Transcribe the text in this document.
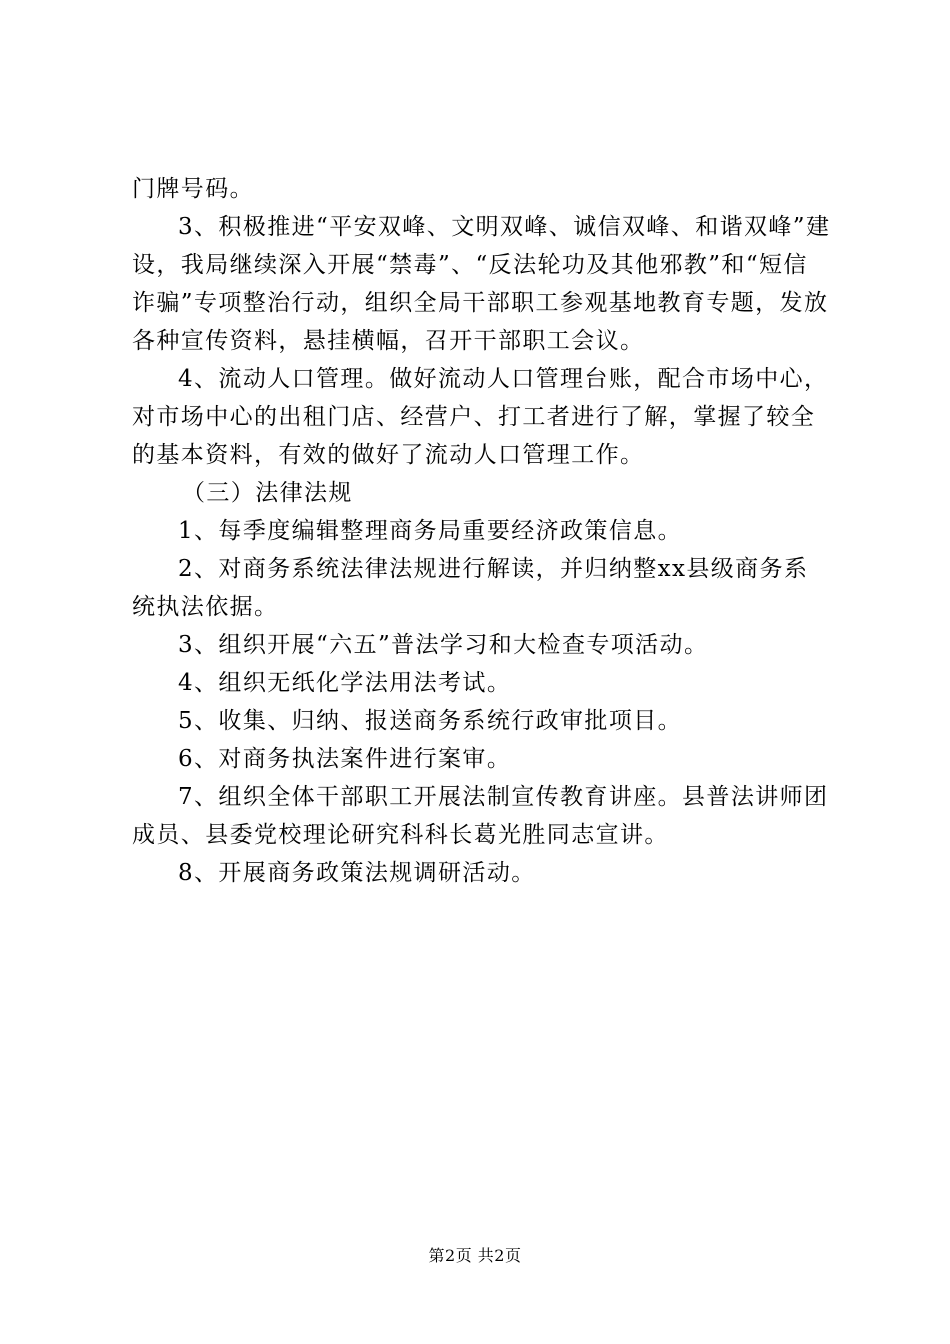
门牌号码。

3、积极推进“平安双峰、文明双峰、诚信双峰、和谐双峰”建设，我局继续深入开展“禁毒”、“反法轮功及其他邪教”和“短信诈骗”专项整治行动，组织全局干部职工参观基地教育专题，发放各种宣传资料，悬挂横幅，召开干部职工会议。

4、流动人口管理。做好流动人口管理台账，配合市场中心，对市场中心的出租门店、经营户、打工者进行了解，掌握了较全的基本资料，有效的做好了流动人口管理工作。

（三）法律法规

1、每季度编辑整理商务局重要经济政策信息。

2、对商务系统法律法规进行解读，并归纳整xx县级商务系统执法依据。

3、组织开展“六五”普法学习和大检查专项活动。

4、组织无纸化学法用法考试。

5、收集、归纳、报送商务系统行政审批项目。

6、对商务执法案件进行案审。

7、组织全体干部职工开展法制宣传教育讲座。县普法讲师团成员、县委党校理论研究科科长葛光胜同志宣讲。

8、开展商务政策法规调研活动。

第2页 共2页
